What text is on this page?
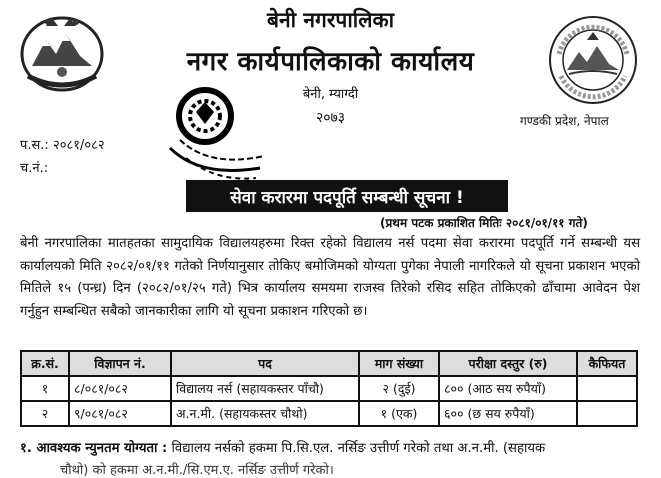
बेनी नगरपालिका
नगर कार्यपालिकाको कार्यालय
बेनी, म्याग्दी
२०७३	गण्डकी प्रदेश, नेपाल
प.स.: २०८१/०८२
च.नं.:
सेवा करारमा पदपूर्ति सम्बन्धी सूचना !
(प्रथम पटक प्रकाशित मितिः २०८१/०१/११ गते)
बेनी नगरपालिका मातहतका सामुदायिक विद्यालयहरुमा रिक्त रहेको विद्यालय नर्स पदमा सेवा करारमा पदपूर्ति गर्ने सम्बन्धी यस कार्यालयको मिति २०८२/०१/११ गतेको निर्णयानुसार तोकिए बमोजिमको योग्यता पुगेका नेपाली नागरिकले यो सूचना प्रकाशन भएको मितिले १५ (पन्ध्र) दिन (२०८२/०१/२५ गते) भित्र कार्यालय समयमा राजस्व तिरेको रसिद सहित तोकिएको ढाँचामा आवेदन पेश गर्नुहुन सम्बन्धित सबैको जानकारीका लागि यो सूचना प्रकाशन गरिएको छ।
क्र.सं.	विज्ञापन नं.	पद	माग संख्या	परीक्षा दस्तुर (रु)	कैफियत
१	८/०८१/०८२	विद्यालय नर्स (सहायकस्तर पाँचौ)	२ (दुई)	८०० (आठ सय रुपैयाँ)	
२	९/०८१/०८२	अ.न.मी. (सहायकस्तर चौथो)	१ (एक)	६०० (छ सय रुपैयाँ)	
१. आवश्यक न्युनतम योग्यता : विद्यालय नर्सको हकमा पि.सि.एल. नर्सिङ उत्तीर्ण गरेको तथा अ.न.मी. (सहायक
चौथो) को हकमा अ.न.मी./सि.एम.ए. नर्सिङ उत्तीर्ण गरेको।
